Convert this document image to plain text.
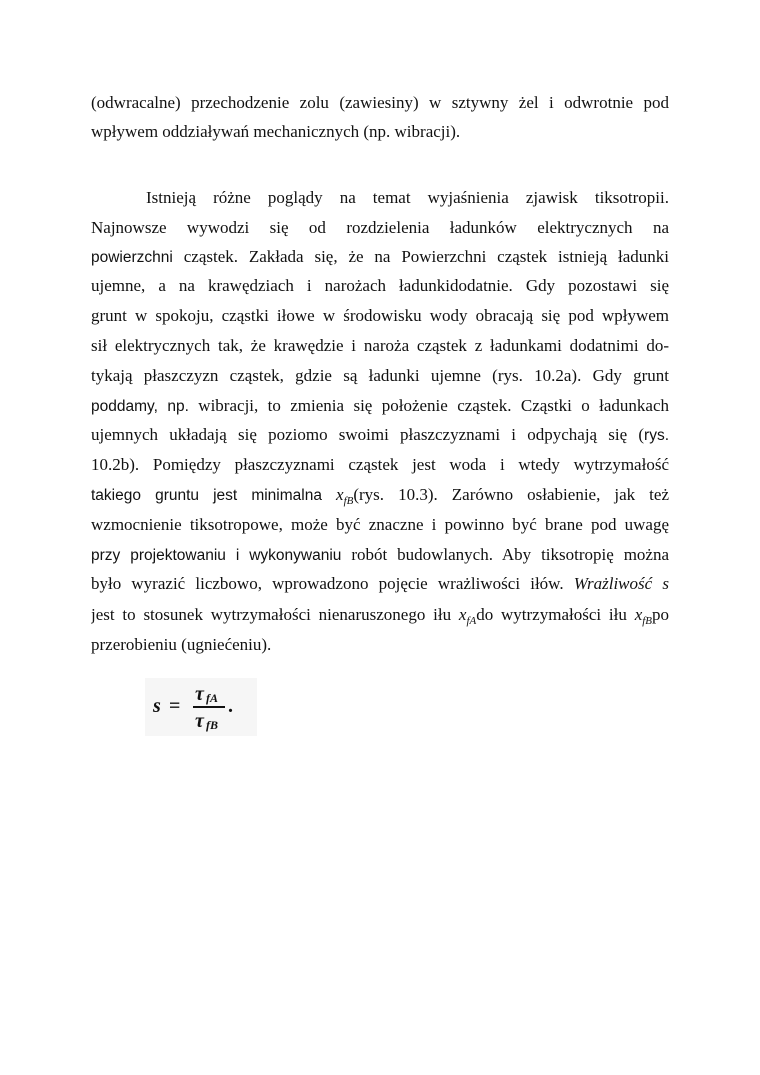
(odwracalne) przechodzenie zolu (zawiesiny) w sztywny żel i odwrotnie pod
wpływem oddziaływań mechanicznych (np. wibracji).
Istnieją różne poglądy na temat wyjaśnienia zjawisk tiksotropii.
Najnowsze wywodzi się od rozdzielenia ładunków elektrycznych na
powierzchni cząstek. Zakłada się, że na Powierzchni cząstek istnieją ładunki
ujemne, a na krawędziach i narożach ładunkidodatnie. Gdy pozostawi się
grunt w spokoju, cząstki iłowe w środowisku wody obracają się pod wpływem
sił elektrycznych tak, że krawędzie i naroża cząstek z ładunkami dodatnimi do-
tykają płaszczyzn cząstek, gdzie są ładunki ujemne (rys. 10.2a). Gdy grunt
poddamy, np. wibracji, to zmienia się położenie cząstek. Cząstki o ładunkach
ujemnych układają się poziomo swoimi płaszczyznami i odpychają się (rys.
10.2b). Pomiędzy płaszczyznami cząstek jest woda i wtedy wytrzymałość
takiego gruntu jest minimalna $x_{fB}(rys$. 10.3). Zarówno osłabienie, jak też
wzmocnienie tiksotropowe, może być znaczne i powinno być brane pod uwagę
przy projektowaniu i wykonywaniu robót budowlanych. Aby tiksotropię można
było wyrazić liczbowo, wprowadzono pojęcie wrażliwości iłów. Wrażliwość s
jest to stosunek wytrzymałości nienaruszonego iłu $x_{fA}do$ wytrzymałości iłu $x_{fB}po$
przerobieniu (ugniećeniu).
s =
τ fA
τ fB
.
